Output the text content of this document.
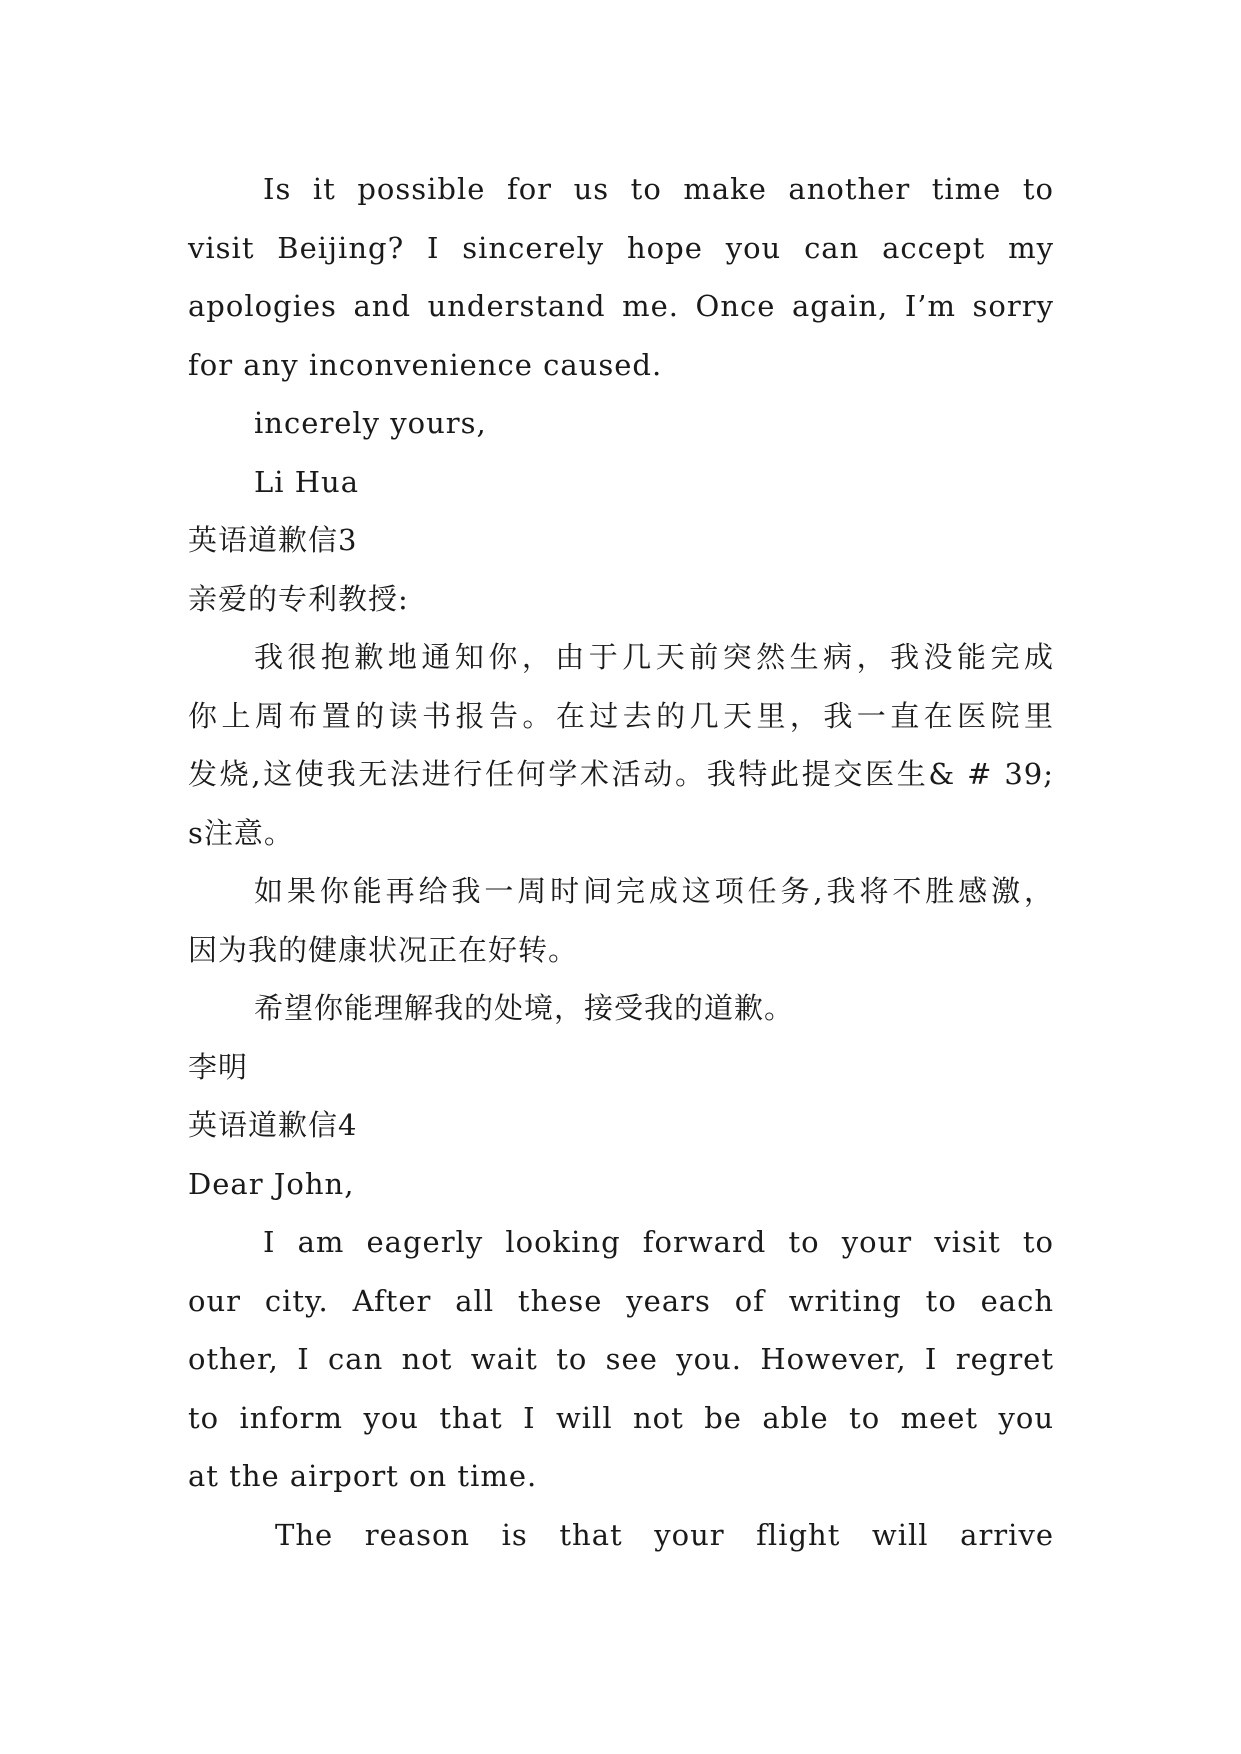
Is it possible for us to make another time to
visit Beijing? I sincerely hope you can accept my
apologies and understand me. Once again, I’m sorry
for any inconvenience caused.
incerely yours,
Li Hua
英语道歉信3
亲爱的专利教授:
我很抱歉地通知你，由于几天前突然生病，我没能完成
你上周布置的读书报告。在过去的几天里，我一直在医院里
发烧,这使我无法进行任何学术活动。我特此提交医生& # 39;
s注意。
如果你能再给我一周时间完成这项任务,我将不胜感激，
因为我的健康状况正在好转。
希望你能理解我的处境，接受我的道歉。
李明
英语道歉信4
Dear John,
I am eagerly looking forward to your visit to
our city. After all these years of writing to each
other, I can not wait to see you. However, I regret
to inform you that I will not be able to meet you
at the airport on time.
The reason is that your flight will arrive
